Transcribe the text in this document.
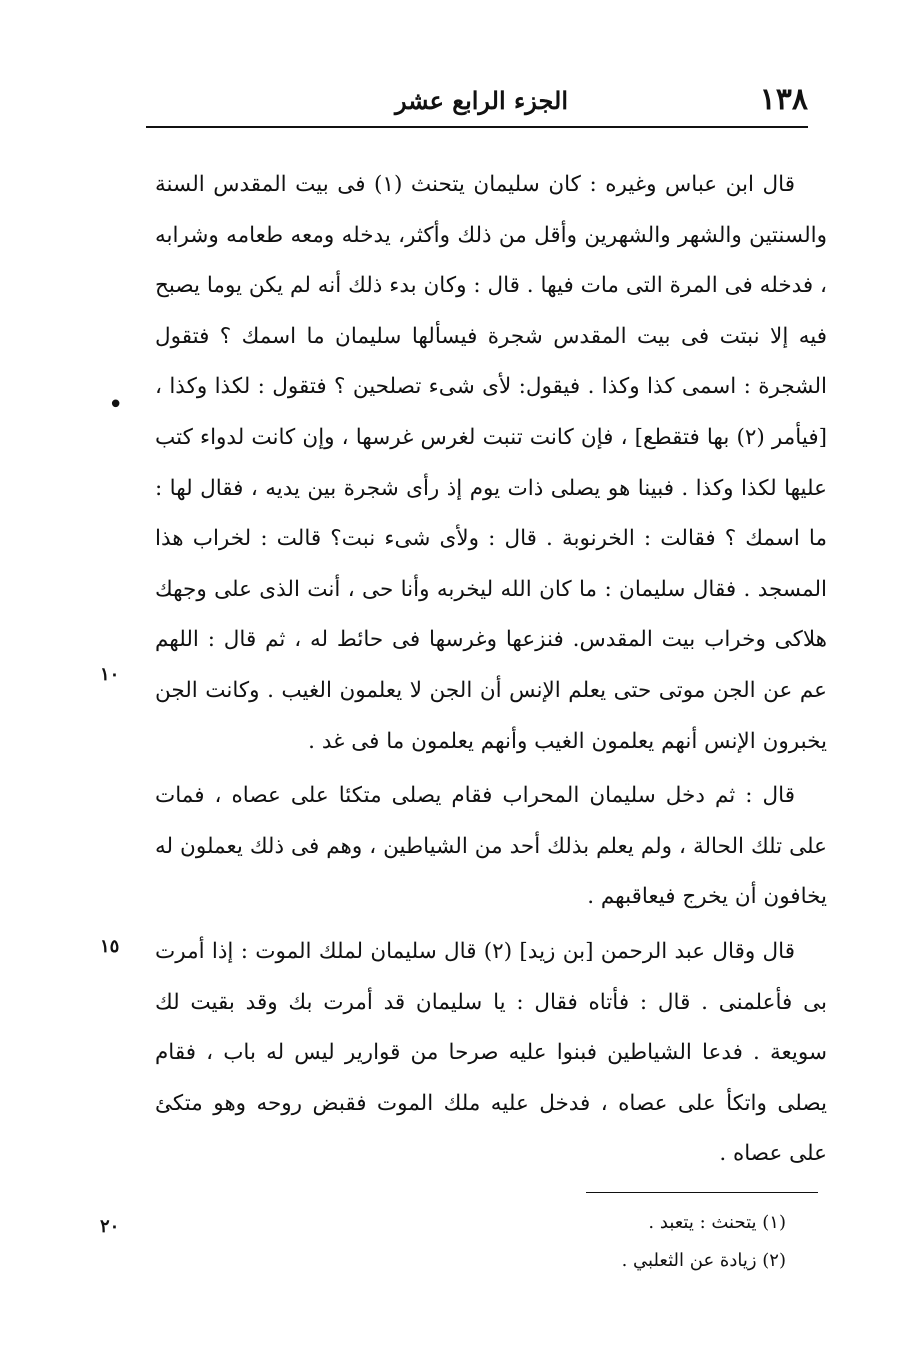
١٣٨
الجزء الرابع عشر
•
١٠
١٥
٢٠

قال ابن عباس وغيره : كان سليمان يتحنث (١) فى بيت المقدس السنة والسنتين والشهر والشهرين وأقل من ذلك وأكثر، يدخله ومعه طعامه وشرابه ، فدخله فى المرة التى مات فيها . قال : وكان بدء ذلك أنه لم يكن يوما يصبح فيه إلا نبتت فى بيت المقدس شجرة فيسألها سليمان ما اسمك ؟ فتقول الشجرة : اسمى كذا وكذا . فيقول: لأى شىء تصلحين ؟ فتقول : لكذا وكذا ، [فيأمر (٢) بها فتقطع] ، فإن كانت تنبت لغرس غرسها ، وإن كانت لدواء كتب عليها لكذا وكذا . فبينا هو يصلى ذات يوم إذ رأى شجرة بين يديه ، فقال لها : ما اسمك ؟ فقالت : الخرنوبة . قال : ولأى شىء نبت؟ قالت : لخراب هذا المسجد . فقال سليمان : ما كان الله ليخربه وأنا حى ، أنت الذى على وجهك هلاكى وخراب بيت المقدس. فنزعها وغرسها فى حائط له ، ثم قال : اللهم عم عن الجن موتى حتى يعلم الإنس أن الجن لا يعلمون الغيب . وكانت الجن يخبرون الإنس أنهم يعلمون الغيب وأنهم يعلمون ما فى غد .

قال : ثم دخل سليمان المحراب فقام يصلى متكئا على عصاه ، فمات على تلك الحالة ، ولم يعلم بذلك أحد من الشياطين ، وهم فى ذلك يعملون له يخافون أن يخرج فيعاقبهم .

قال وقال عبد الرحمن [بن زيد] (٢) قال سليمان لملك الموت : إذا أمرت بى فأعلمنى . قال : فأتاه فقال : يا سليمان قد أمرت بك وقد بقيت لك سويعة . فدعا الشياطين فبنوا عليه صرحا من قوارير ليس له باب ، فقام يصلى واتكأ على عصاه ، فدخل عليه ملك الموت فقبض روحه وهو متكئ على عصاه .

(١) يتحنث : يتعبد .

(٢) زيادة عن الثعلبي .
